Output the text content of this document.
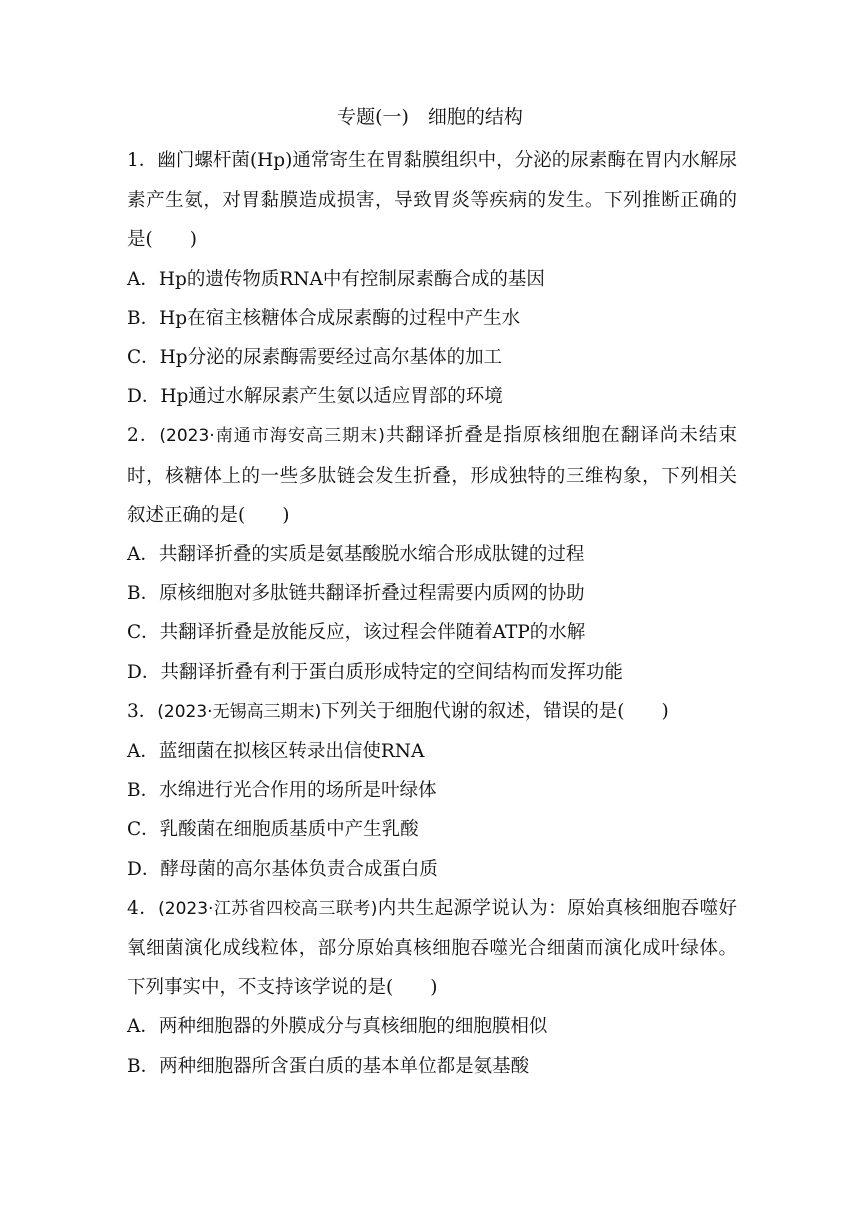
专题(一)　细胞的结构
1．幽门螺杆菌(Hp)通常寄生在胃黏膜组织中，分泌的尿素酶在胃内水解尿素产生氨，对胃黏膜造成损害，导致胃炎等疾病的发生。下列推断正确的是(　　)
A．Hp的遗传物质RNA中有控制尿素酶合成的基因
B．Hp在宿主核糖体合成尿素酶的过程中产生水
C．Hp分泌的尿素酶需要经过高尔基体的加工
D．Hp通过水解尿素产生氨以适应胃部的环境
2．(2023·南通市海安高三期末)共翻译折叠是指原核细胞在翻译尚未结束时，核糖体上的一些多肽链会发生折叠，形成独特的三维构象，下列相关叙述正确的是(　　)
A．共翻译折叠的实质是氨基酸脱水缩合形成肽键的过程
B．原核细胞对多肽链共翻译折叠过程需要内质网的协助
C．共翻译折叠是放能反应，该过程会伴随着ATP的水解
D．共翻译折叠有利于蛋白质形成特定的空间结构而发挥功能
3．(2023·无锡高三期末)下列关于细胞代谢的叙述，错误的是(　　)
A．蓝细菌在拟核区转录出信使RNA
B．水绵进行光合作用的场所是叶绿体
C．乳酸菌在细胞质基质中产生乳酸
D．酵母菌的高尔基体负责合成蛋白质
4．(2023·江苏省四校高三联考)内共生起源学说认为：原始真核细胞吞噬好氧细菌演化成线粒体，部分原始真核细胞吞噬光合细菌而演化成叶绿体。下列事实中，不支持该学说的是(　　)
A．两种细胞器的外膜成分与真核细胞的细胞膜相似
B．两种细胞器所含蛋白质的基本单位都是氨基酸
